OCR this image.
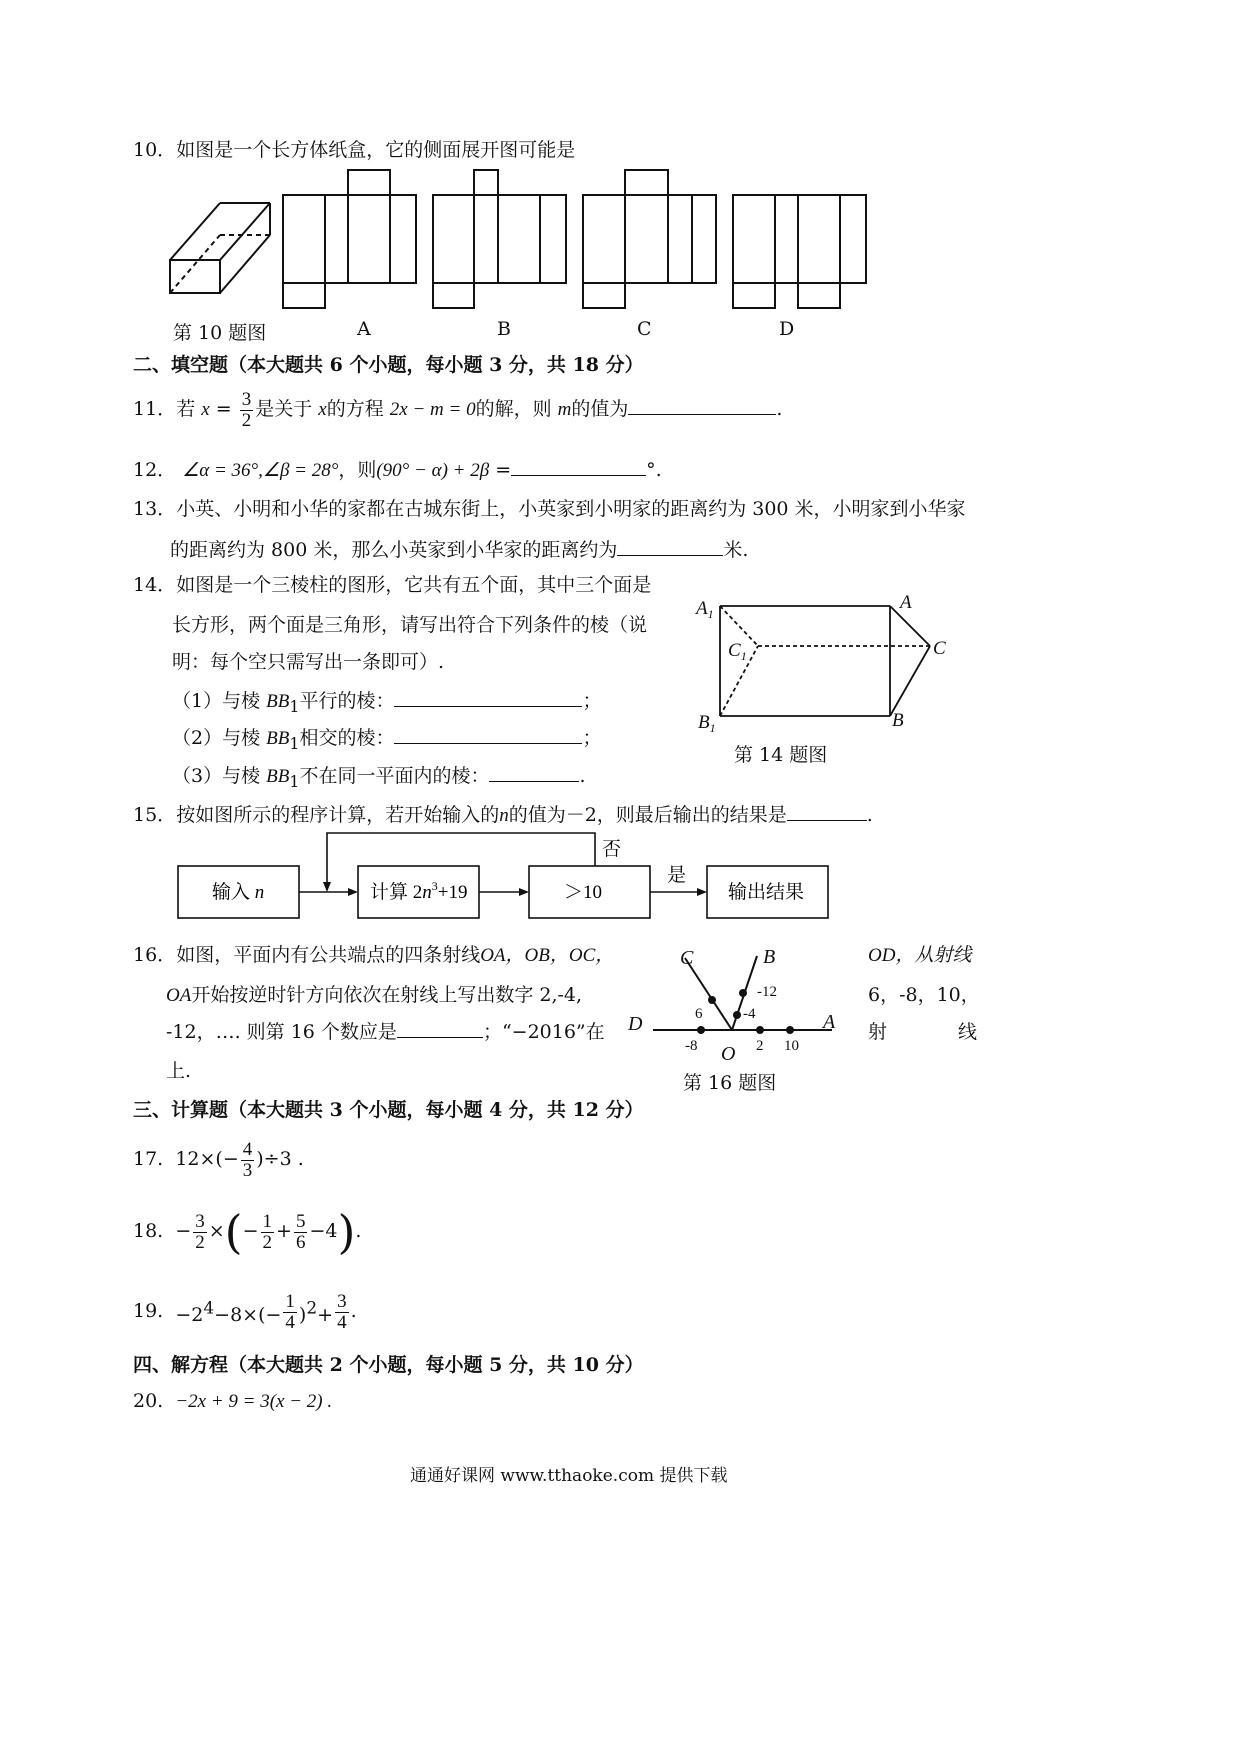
10．如图是一个长方体纸盒，它的侧面展开图可能是
第 10 题图	A	B	C	D
二、填空题（本大题共 6 个小题，每小题 3 分，共 18 分）
11．若 $x = \frac{3}{2}$ 是关于 x的方程 2x − m = 0的解，则 m的值为	.
12． ∠α = 36°,∠β = 28°，则(90° − α) + 2β =	°.
13．小英、小明和小华的家都在古城东街上，小英家到小明家的距离约为 300 米，小明家到小华家
的距离约为 800 米，那么小英家到小华家的距离约为	米.
14．如图是一个三棱柱的图形，它共有五个面，其中三个面是
长方形，两个面是三角形，请写出符合下列条件的棱（说
明：每个空只需写出一条即可）.
（1）与棱 $BB_1$平行的棱：	；
（2）与棱 $BB_1$相交的棱：	；
（3）与棱 $BB_1$不在同一平面内的棱：	.
$A_1$
A
$C_1$	C
$B_1$	B
第 14 题图
15．按如图所示的程序计算，若开始输入的n的值为－2，则最后输出的结果是	.
否
是
输入 n	计算 $2n^3+19$	＞10	输出结果
16．如图，平面内有公共端点的四条射线OA，OB，OC，	OD，从射线
OA开始按逆时针方向依次在射线上写出数字 2,-4,	6，-8，10，
-12，…. 则第 16 个数应是	；“−2016”在	射	线
上.
C	B
D	A
O
-12
6	-4
-8	2 10
第 16 题图
三、计算题（本大题共 3 个小题，每小题 4 分，共 12 分）
17. $12\times(- \frac{4}{3} )\div 3$ .
18. − $\frac{3}{2}$ ×(− $\frac{1}{2} + \frac{5}{6} -4$).
19. $-2^4-8\times(- \frac{1}{4} )^2+ \frac{3}{4}$ .
四、解方程（本大题共 2 个小题，每小题 5 分，共 10 分）
20. −2x + 9 = 3(x − 2) .
通通好课网 www.tthaoke.com 提供下载
